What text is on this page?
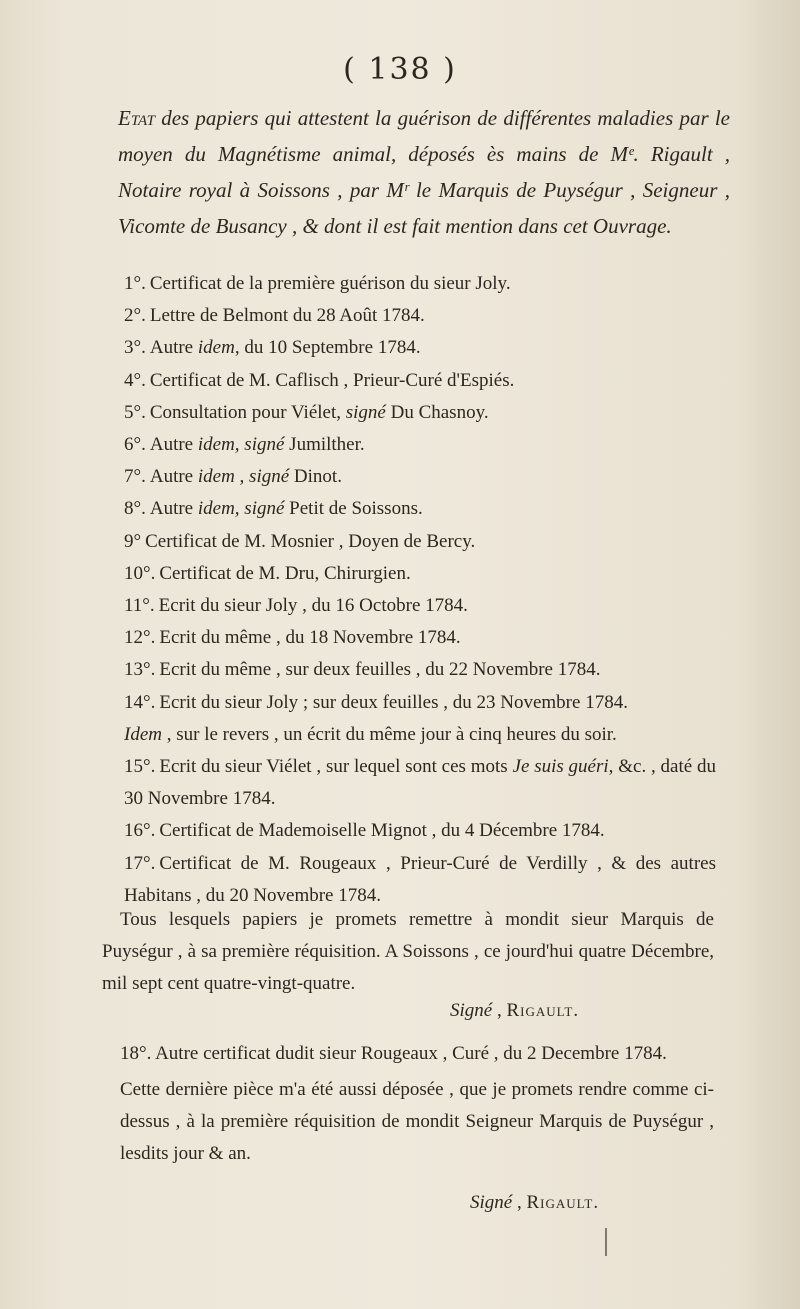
( 138 )
Etat des papiers qui attestent la guérison de différentes maladies par le moyen du Magnétisme animal, déposés ès mains de Mᵉ. Rigault , Notaire royal à Soissons , par Mʳ le Marquis de Puységur , Seigneur , Vicomte de Busancy , & dont il est fait mention dans cet Ouvrage.

1°. Certificat de la première guérison du sieur Joly.

2°. Lettre de Belmont du 28 Août 1784.

3°. Autre idem, du 10 Septembre 1784.

4°. Certificat de M. Caflisch , Prieur-Curé d'Espiés.

5°. Consultation pour Viélet, signé Du Chasnoy.

6°. Autre idem, signé Jumilther.

7°. Autre idem , signé Dinot.

8°. Autre idem, signé Petit de Soissons.

9° Certificat de M. Mosnier , Doyen de Bercy.

10°. Certificat de M. Dru, Chirurgien.

11°. Ecrit du sieur Joly , du 16 Octobre 1784.

12°. Ecrit du même , du 18 Novembre 1784.

13°. Ecrit du même , sur deux feuilles , du 22 Novembre 1784.

14°. Ecrit du sieur Joly ; sur deux feuilles , du 23 Novembre 1784.

Idem , sur le revers , un écrit du même jour à cinq heures du soir.

15°. Ecrit du sieur Viélet , sur lequel sont ces mots Je suis guéri, &c. , daté du 30 Novembre 1784.

16°. Certificat de Mademoiselle Mignot , du 4 Décembre 1784.

17°. Certificat de M. Rougeaux , Prieur-Curé de Verdilly , & des autres Habitans , du 20 Novembre 1784.

Tous lesquels papiers je promets remettre à mondit sieur Marquis de Puységur , à sa première réquisition. A Soissons , ce jourd'hui quatre Décembre, mil sept cent quatre-vingt-quatre.
Signé , Rigault.
18°. Autre certificat dudit sieur Rougeaux , Curé , du 2 Decembre 1784.
Cette dernière pièce m'a été aussi déposée , que je promets rendre comme ci-dessus , à la première réquisition de mondit Seigneur Marquis de Puységur , lesdits jour & an.
Signé , Rigault.
